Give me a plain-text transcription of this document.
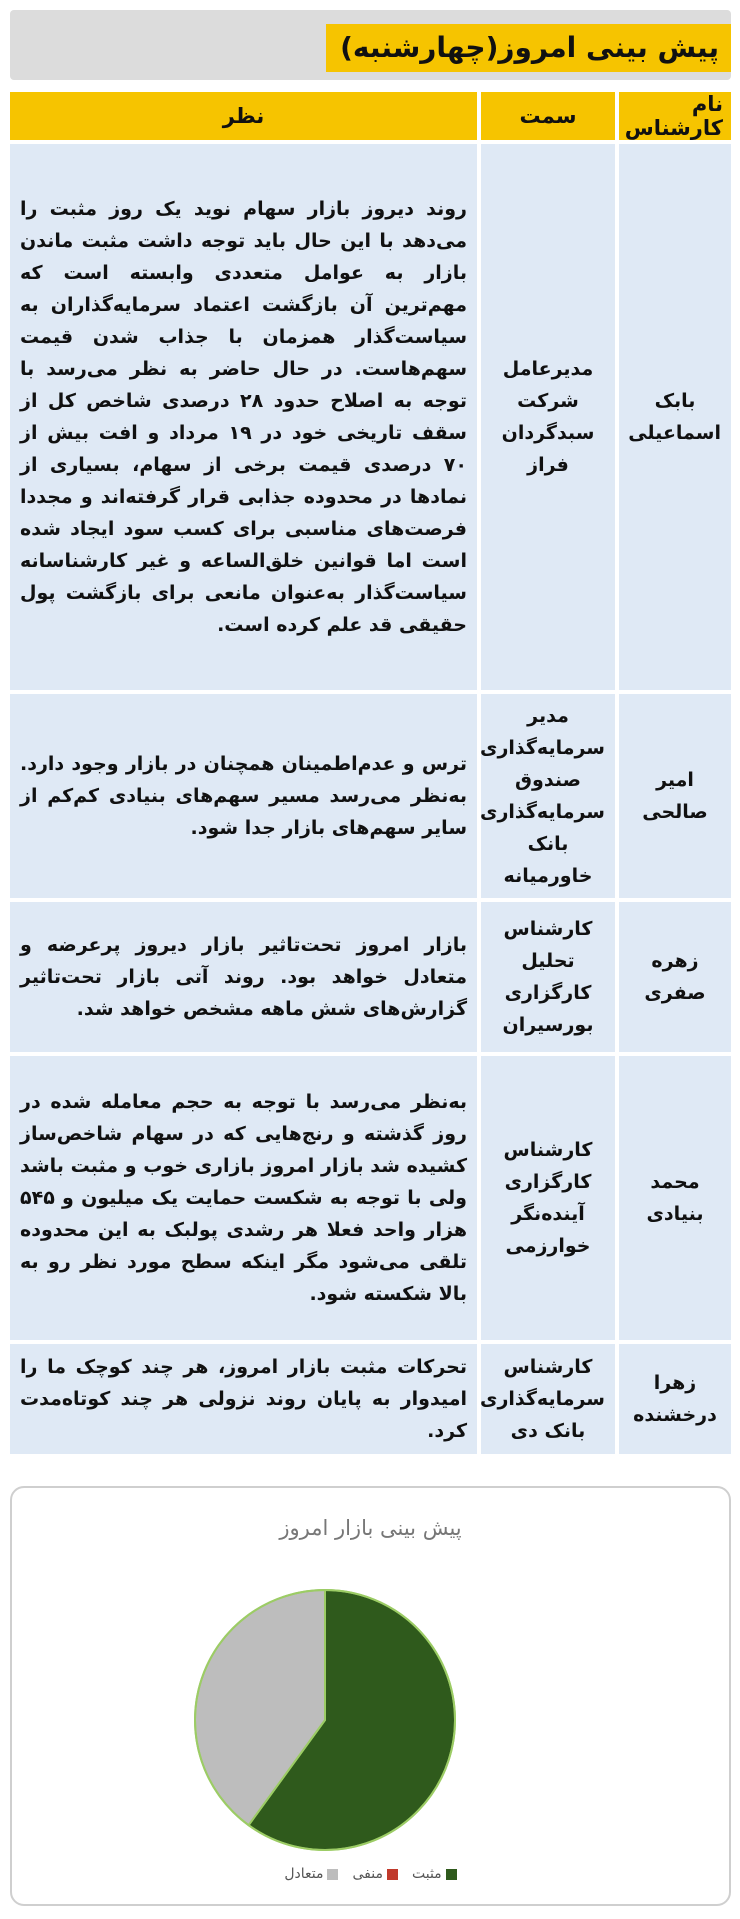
پیش بینی امروز(چهارشنبه)
نام کارشناس	سمت	نظر
بابک اسماعیلی	مدیرعامل شرکت سبدگردان فراز	روند دیروز بازار سهام نوید یک روز مثبت را می‌دهد با این حال باید توجه داشت مثبت ماندن بازار به عوامل متعددی وابسته است که مهم‌ترین آن بازگشت اعتماد سرمایه‌گذاران به سیاست‌گذار همزمان با جذاب شدن قیمت سهم‌هاست. در حال حاضر به نظر می‌رسد با توجه به اصلاح حدود ۲۸ درصدی شاخص کل از سقف تاریخی خود در ۱۹ مرداد و افت بیش از ۷۰ درصدی قیمت برخی از سهام، بسیاری از نمادها در محدوده جذابی قرار گرفته‌اند و مجددا فرصت‌های مناسبی برای کسب سود ایجاد شده است اما قوانین خلق‌الساعه و غیر کارشناسانه سیاست‌گذار به‌عنوان مانعی برای بازگشت پول حقیقی قد علم کرده است.
امیر صالحی	مدیر سرمایه‌گذاری صندوق سرمایه‌گذاری بانک خاورمیانه	ترس و عدم‌اطمینان همچنان در بازار وجود دارد. به‌نظر می‌رسد مسیر سهم‌های بنیادی کم‌کم از سایر سهم‌های بازار جدا شود.
زهره صفری	کارشناس تحلیل کارگزاری بورسیران	بازار امروز تحت‌تاثیر بازار دیروز پرعرضه و متعادل خواهد بود. روند آتی بازار تحت‌تاثیر گزارش‌های شش ماهه مشخص خواهد شد.
محمد بنیادی	کارشناس کارگزاری آینده‌نگر خوارزمی	به‌نظر می‌رسد با توجه به حجم معامله شده در روز گذشته و رنج‌هایی که در سهام شاخص‌ساز کشیده شد بازار امروز بازاری خوب و مثبت باشد ولی با توجه به شکست حمایت یک میلیون و ۵۴۵ هزار واحد فعلا هر رشدی پولبک به این محدوده تلقی می‌شود مگر اینکه سطح مورد نظر رو به بالا شکسته شود.
زهرا درخشنده	کارشناس سرمایه‌گذاری بانک دی	تحرکات مثبت بازار امروز، هر چند کوچک ما را امیدوار به پایان روند نزولی هر چند کوتاه‌مدت کرد.
پیش بینی بازار امروز
مثبت
منفی
متعادل
